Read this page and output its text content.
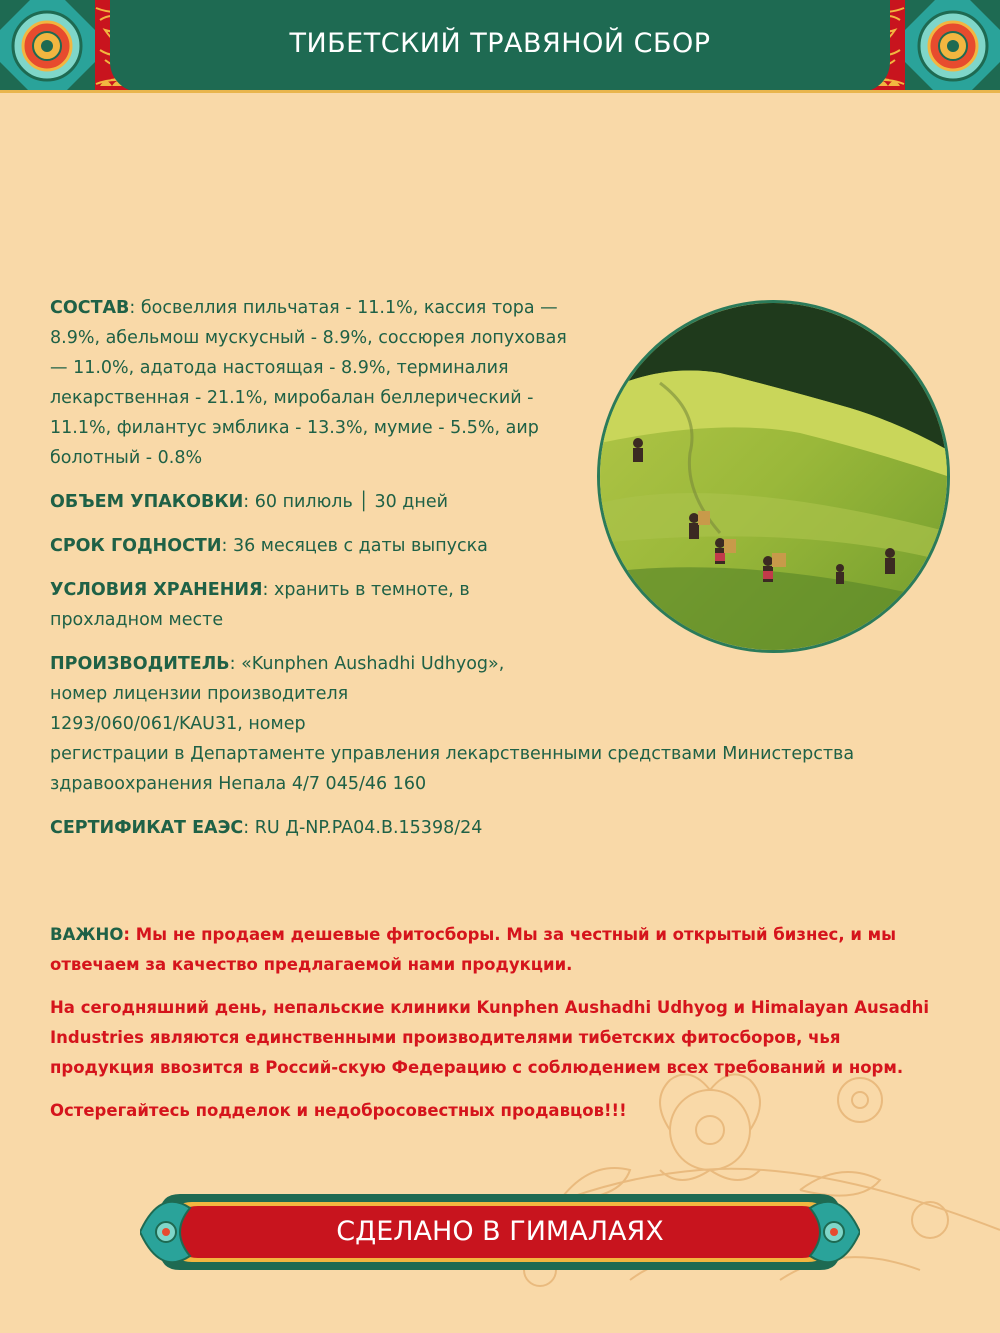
ТИБЕТСКИЙ ТРАВЯНОЙ СБОР
СОСТАВ: босвеллия пильчатая - 11.1%, кассия тора — 8.9%, абельмош мускусный - 8.9%, соссюрея лопуховая — 11.0%, адатода настоящая - 8.9%, терминалия лекарственная - 21.1%, миробалан беллерический - 11.1%, филантус эмблика - 13.3%, мумие - 5.5%, аир болотный - 0.8%
ОБЪЕМ УПАКОВКИ: 60 пилюль │ 30 дней
СРОК ГОДНОСТИ: 36 месяцев с даты выпуска
УСЛОВИЯ ХРАНЕНИЯ: хранить в темноте, в прохладном месте
ПРОИЗВОДИТЕЛЬ: «Kunphen Aushadhi Udhyog», номер лицензии производителя 1293/060/061/KAU31, номер
регистрации в Департаменте управления лекарственными средствами Министерства здравоохранения Непала 4/7 045/46 160
СЕРТИФИКАТ ЕАЭС: RU Д-NP.PA04.B.15398/24
ВАЖНО: Мы не продаем дешевые фитосборы. Мы за честный и открытый бизнес, и мы отвечаем за качество предлагаемой нами продукции.
На сегодняшний день, непальские клиники Kunphen Aushadhi Udhyog и Himalayan Ausadhi Industries являются единственными производителями тибетских фитосборов, чья продукция ввозится в Россий-скую Федерацию с соблюдением всех требований и норм.
Остерегайтесь подделок и недобросовестных продавцов!!!
СДЕЛАНО В ГИМАЛАЯХ
